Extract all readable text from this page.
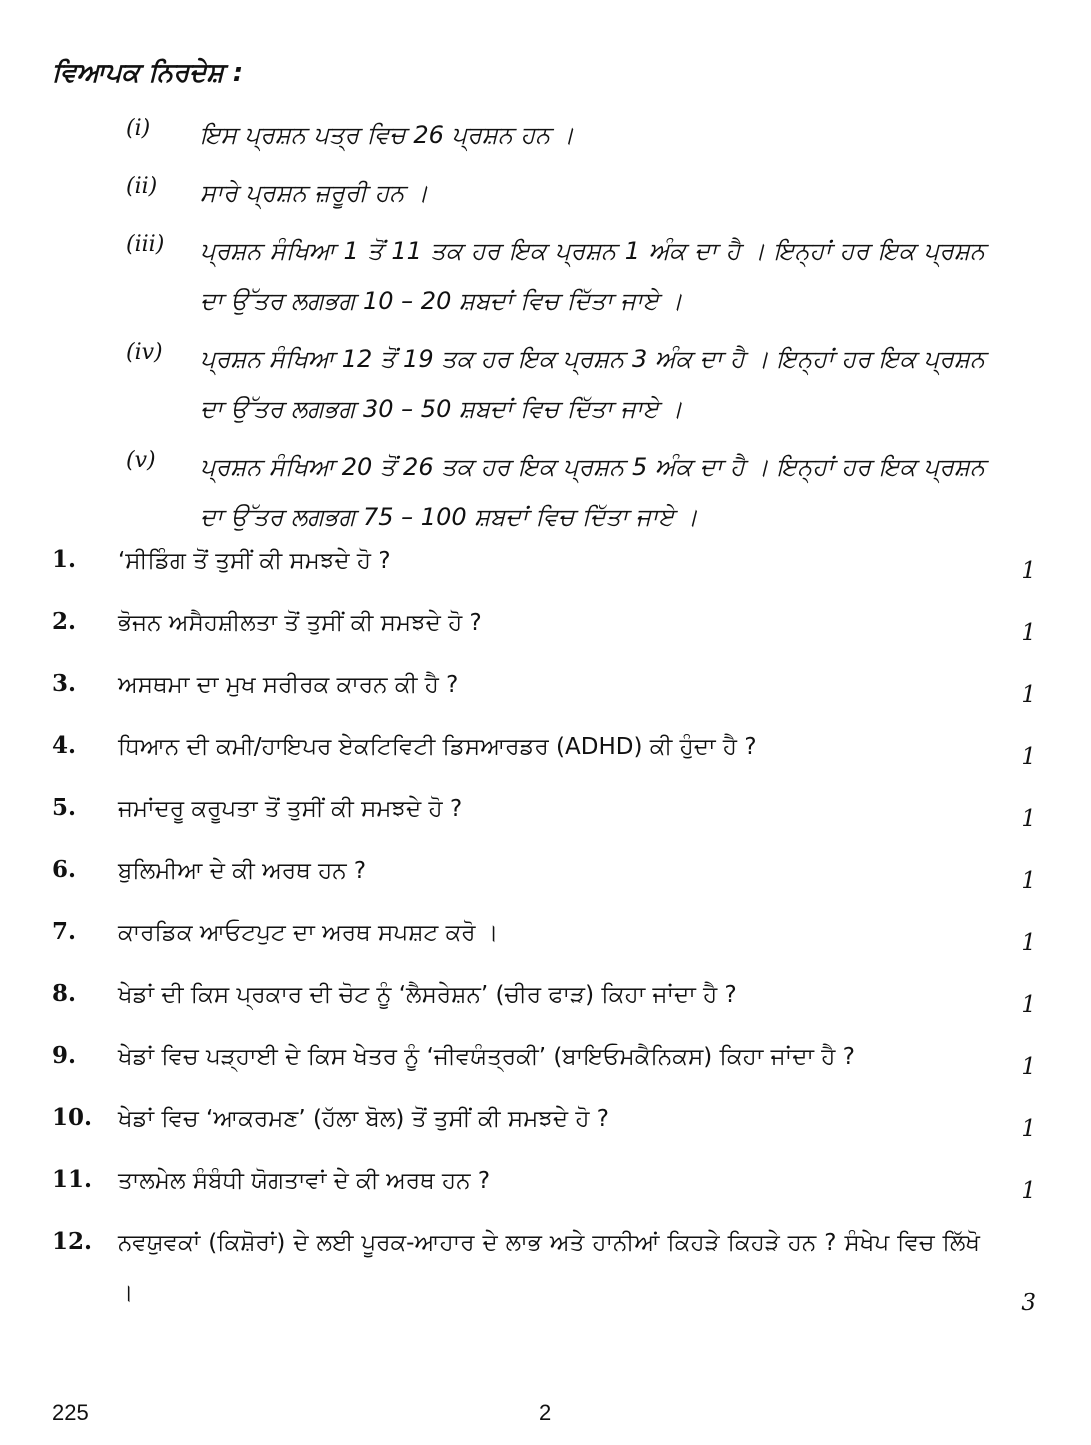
ਵਿਆਪਕ ਨਿਰਦੇਸ਼ :
(i) ਇਸ ਪ੍ਰਸ਼ਨ ਪਤ੍ਰ ਵਿਚ 26 ਪ੍ਰਸ਼ਨ ਹਨ ।
(ii) ਸਾਰੇ ਪ੍ਰਸ਼ਨ ਜ਼ਰੂਰੀ ਹਨ ।
(iii) ਪ੍ਰਸ਼ਨ ਸੰਖਿਆ 1 ਤੋਂ 11 ਤਕ ਹਰ ਇਕ ਪ੍ਰਸ਼ਨ 1 ਅੰਕ ਦਾ ਹੈ । ਇਨ੍ਹਾਂ ਹਰ ਇਕ ਪ੍ਰਸ਼ਨ ਦਾ ਉੱਤਰ ਲਗਭਗ 10 – 20 ਸ਼ਬਦਾਂ ਵਿਚ ਦਿੱਤਾ ਜਾਏ ।
(iv) ਪ੍ਰਸ਼ਨ ਸੰਖਿਆ 12 ਤੋਂ 19 ਤਕ ਹਰ ਇਕ ਪ੍ਰਸ਼ਨ 3 ਅੰਕ ਦਾ ਹੈ । ਇਨ੍ਹਾਂ ਹਰ ਇਕ ਪ੍ਰਸ਼ਨ ਦਾ ਉੱਤਰ ਲਗਭਗ 30 – 50 ਸ਼ਬਦਾਂ ਵਿਚ ਦਿੱਤਾ ਜਾਏ ।
(v) ਪ੍ਰਸ਼ਨ ਸੰਖਿਆ 20 ਤੋਂ 26 ਤਕ ਹਰ ਇਕ ਪ੍ਰਸ਼ਨ 5 ਅੰਕ ਦਾ ਹੈ । ਇਨ੍ਹਾਂ ਹਰ ਇਕ ਪ੍ਰਸ਼ਨ ਦਾ ਉੱਤਰ ਲਗਭਗ 75 – 100 ਸ਼ਬਦਾਂ ਵਿਚ ਦਿੱਤਾ ਜਾਏ ।
1. ‘ਸੀਡਿੰਗ ਤੋਂ ਤੁਸੀਂ ਕੀ ਸਮਝਦੇ ਹੋ ?	1
2. ਭੋਜਨ ਅਸੈਹਸ਼ੀਲਤਾ ਤੋਂ ਤੁਸੀਂ ਕੀ ਸਮਝਦੇ ਹੋ ?	1
3. ਅਸਥਮਾ ਦਾ ਮੁਖ ਸਰੀਰਕ ਕਾਰਨ ਕੀ ਹੈ ?	1
4. ਧਿਆਨ ਦੀ ਕਮੀ/ਹਾਇਪਰ ਏਕਟਿਵਿਟੀ ਡਿਸਆਰਡਰ (ADHD) ਕੀ ਹੁੰਦਾ ਹੈ ?	1
5. ਜਮਾਂਦਰੂ ਕਰੂਪਤਾ ਤੋਂ ਤੁਸੀਂ ਕੀ ਸਮਝਦੇ ਹੋ ?	1
6. ਬੁਲਿਮੀਆ ਦੇ ਕੀ ਅਰਥ ਹਨ ?	1
7. ਕਾਰਡਿਕ ਆਓਟਪੁਟ ਦਾ ਅਰਥ ਸਪਸ਼ਟ ਕਰੋ ।	1
8. ਖੇਡਾਂ ਦੀ ਕਿਸ ਪ੍ਰਕਾਰ ਦੀ ਚੋਟ ਨੂੰ ‘ਲੈਸਰੇਸ਼ਨ’ (ਚੀਰ ਫਾੜ) ਕਿਹਾ ਜਾਂਦਾ ਹੈ ?	1
9. ਖੇਡਾਂ ਵਿਚ ਪੜ੍ਹਾਈ ਦੇ ਕਿਸ ਖੇਤਰ ਨੂੰ ‘ਜੀਵਯੰਤ੍ਰਕੀ’ (ਬਾਇਓਮਕੈਨਿਕਸ) ਕਿਹਾ ਜਾਂਦਾ ਹੈ ?	1
10. ਖੇਡਾਂ ਵਿਚ ‘ਆਕਰਮਣ’ (ਹੱਲਾ ਬੋਲ) ਤੋਂ ਤੁਸੀਂ ਕੀ ਸਮਝਦੇ ਹੋ ?	1
11. ਤਾਲਮੇਲ ਸੰਬੰਧੀ ਯੋਗਤਾਵਾਂ ਦੇ ਕੀ ਅਰਥ ਹਨ ?	1
12. ਨਵਯੁਵਕਾਂ (ਕਿਸ਼ੋਰਾਂ) ਦੇ ਲਈ ਪੂਰਕ-ਆਹਾਰ ਦੇ ਲਾਭ ਅਤੇ ਹਾਨੀਆਂ ਕਿਹੜੇ ਕਿਹੜੇ ਹਨ ? ਸੰਖੇਪ ਵਿਚ ਲਿੱਖੋ ।	3
225	2
